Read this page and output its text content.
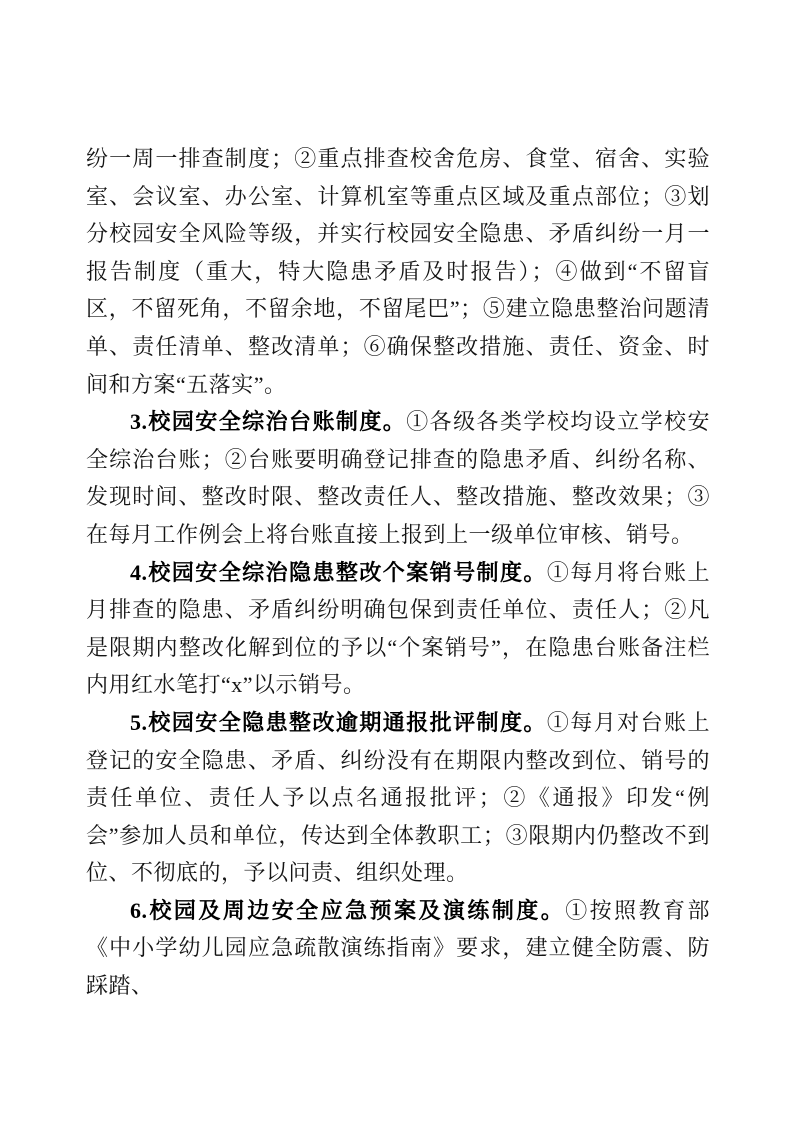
纷一周一排查制度；②重点排查校舍危房、食堂、宿舍、实验室、会议室、办公室、计算机室等重点区域及重点部位；③划分校园安全风险等级，并实行校园安全隐患、矛盾纠纷一月一报告制度（重大，特大隐患矛盾及时报告）；④做到“不留盲区，不留死角，不留余地，不留尾巴”；⑤建立隐患整治问题清单、责任清单、整改清单；⑥确保整改措施、责任、资金、时间和方案“五落实”。

3.校园安全综治台账制度。①各级各类学校均设立学校安全综治台账；②台账要明确登记排查的隐患矛盾、纠纷名称、发现时间、整改时限、整改责任人、整改措施、整改效果；③在每月工作例会上将台账直接上报到上一级单位审核、销号。

4.校园安全综治隐患整改个案销号制度。①每月将台账上月排查的隐患、矛盾纠纷明确包保到责任单位、责任人；②凡是限期内整改化解到位的予以“个案销号”，在隐患台账备注栏内用红水笔打“x”以示销号。

5.校园安全隐患整改逾期通报批评制度。①每月对台账上登记的安全隐患、矛盾、纠纷没有在期限内整改到位、销号的责任单位、责任人予以点名通报批评；②《通报》印发“例会”参加人员和单位，传达到全体教职工；③限期内仍整改不到位、不彻底的，予以问责、组织处理。

6.校园及周边安全应急预案及演练制度。①按照教育部《中小学幼儿园应急疏散演练指南》要求，建立健全防震、防踩踏、
